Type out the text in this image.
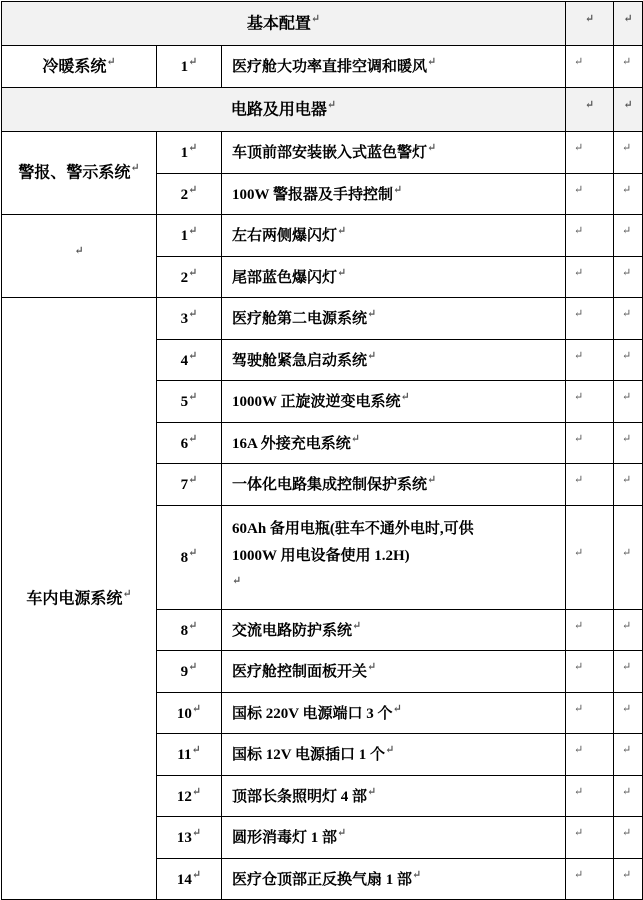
基本配置↵			↵	↵

冷暖系统↵	1↵	医疗舱大功率直排空调和暖风↵	↵	↵

电路及用电器↵			↵	↵

警报、警示系统↵	1↵	车顶前部安装嵌入式蓝色警灯↵	↵	↵

	2↵	100W 警报器及手持控制↵	↵	↵

↵	1↵	左右两侧爆闪灯↵	↵	↵

	2↵	尾部蓝色爆闪灯↵	↵	↵

车内电源系统↵	3↵	医疗舱第二电源系统↵	↵	↵

	4↵	驾驶舱紧急启动系统↵	↵	↵

	5↵	1000W 正旋波逆变电系统↵	↵	↵

	6↵	16A 外接充电系统↵	↵	↵

	7↵	一体化电路集成控制保护系统↵	↵	↵

	8↵	60Ah 备用电瓶(驻车不通外电时,可供
1000W 用电设备使用 1.2H)
↵	↵	↵

	8↵	交流电路防护系统↵	↵	↵

	9↵	医疗舱控制面板开关↵	↵	↵

	10↵	国标 220V 电源端口 3 个↵	↵	↵

	11↵	国标 12V 电源插口 1 个↵	↵	↵

	12↵	顶部长条照明灯 4 部↵	↵	↵

	13↵	圆形消毒灯 1 部↵	↵	↵

	14↵	医疗仓顶部正反换气扇 1 部↵	↵	↵
